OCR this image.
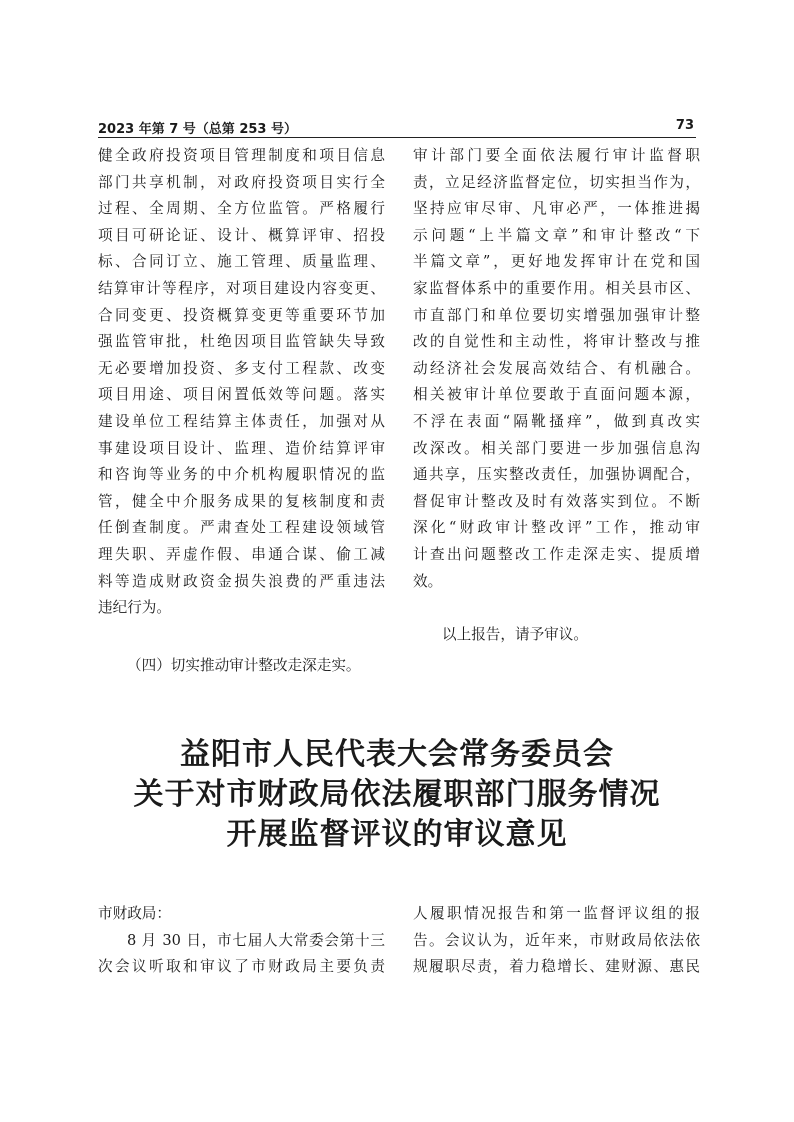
2023 年第 7 号（总第 253 号）	73
健全政府投资项目管理制度和项目信息
部门共享机制，对政府投资项目实行全
过程、全周期、全方位监管。严格履行
项目可研论证、设计、概算评审、招投
标、合同订立、施工管理、质量监理、
结算审计等程序，对项目建设内容变更、
合同变更、投资概算变更等重要环节加
强监管审批，杜绝因项目监管缺失导致
无必要增加投资、多支付工程款、改变
项目用途、项目闲置低效等问题。落实
建设单位工程结算主体责任，加强对从
事建设项目设计、监理、造价结算评审
和咨询等业务的中介机构履职情况的监
管，健全中介服务成果的复核制度和责
任倒查制度。严肃查处工程建设领域管
理失职、弄虚作假、串通合谋、偷工减
料等造成财政资金损失浪费的严重违法
违纪行为。
（四）切实推动审计整改走深走实。
审计部门要全面依法履行审计监督职
责，立足经济监督定位，切实担当作为，
坚持应审尽审、凡审必严，一体推进揭
示问题“上半篇文章”和审计整改“下
半篇文章”，更好地发挥审计在党和国
家监督体系中的重要作用。相关县市区、
市直部门和单位要切实增强加强审计整
改的自觉性和主动性，将审计整改与推
动经济社会发展高效结合、有机融合。
相关被审计单位要敢于直面问题本源，
不浮在表面“隔靴搔痒”，做到真改实
改深改。相关部门要进一步加强信息沟
通共享，压实整改责任，加强协调配合，
督促审计整改及时有效落实到位。不断
深化“财政审计整改评”工作，推动审
计查出问题整改工作走深走实、提质增
效。
以上报告，请予审议。
益阳市人民代表大会常务委员会
关于对市财政局依法履职部门服务情况
开展监督评议的审议意见
市财政局：
8 月 30 日，市七届人大常委会第十三
次会议听取和审议了市财政局主要负责
人履职情况报告和第一监督评议组的报
告。会议认为，近年来，市财政局依法依
规履职尽责，着力稳增长、建财源、惠民
